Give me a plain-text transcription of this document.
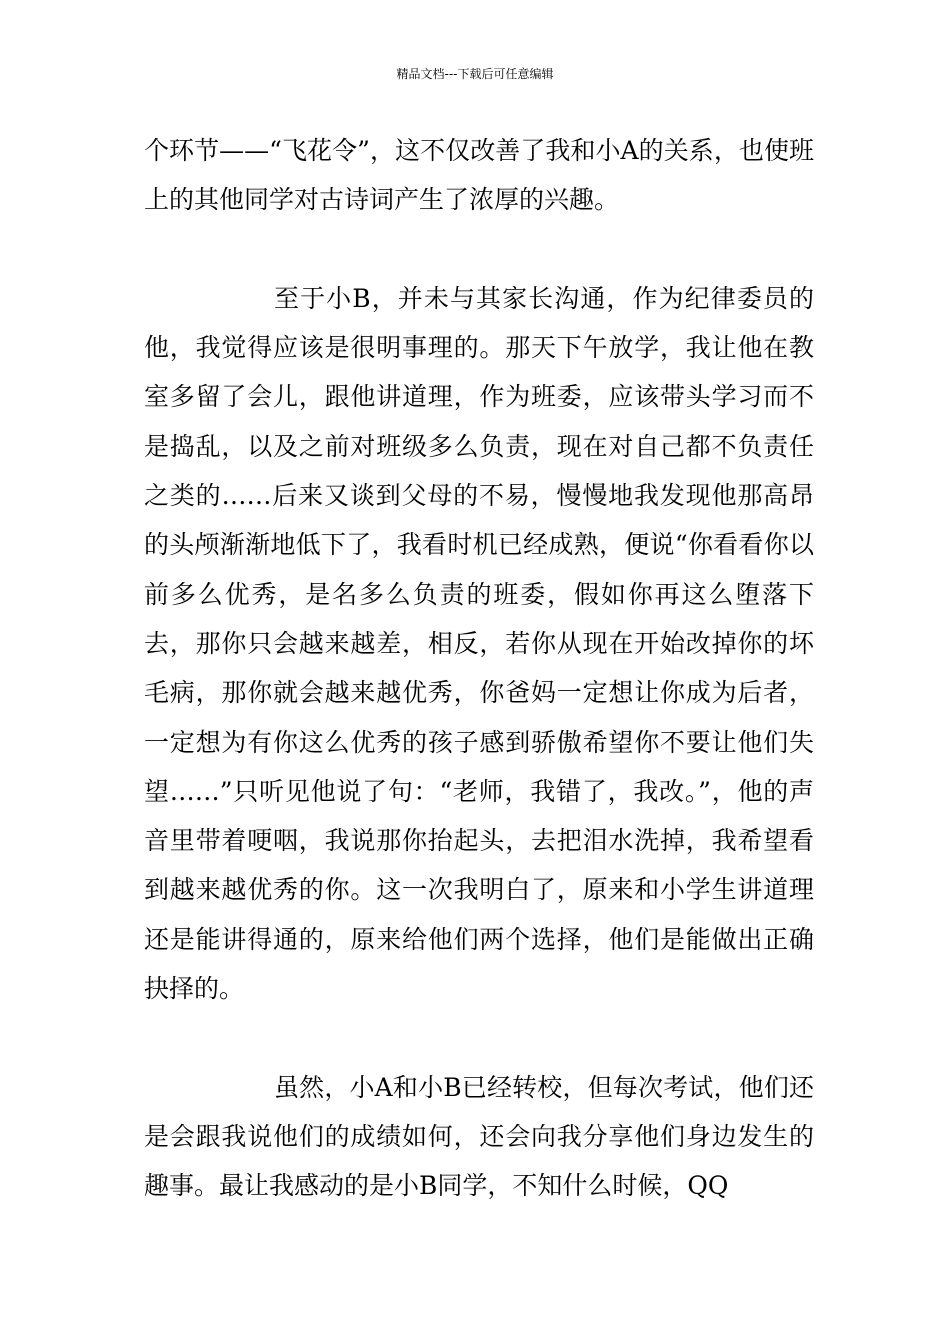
精品文档---下载后可任意编辑

个环节——“飞花令”，这不仅改善了我和小A的关系，也使班上的其他同学对古诗词产生了浓厚的兴趣。

至于小B，并未与其家长沟通，作为纪律委员的他，我觉得应该是很明事理的。那天下午放学，我让他在教室多留了会儿，跟他讲道理，作为班委，应该带头学习而不是捣乱，以及之前对班级多么负责，现在对自己都不负责任之类的……后来又谈到父母的不易，慢慢地我发现他那高昂的头颅渐渐地低下了，我看时机已经成熟，便说“你看看你以前多么优秀，是名多么负责的班委，假如你再这么堕落下去，那你只会越来越差，相反，若你从现在开始改掉你的坏毛病，那你就会越来越优秀，你爸妈一定想让你成为后者，一定想为有你这么优秀的孩子感到骄傲希望你不要让他们失望……”只听见他说了句：“老师，我错了，我改。”，他的声音里带着哽咽，我说那你抬起头，去把泪水洗掉，我希望看到越来越优秀的你。这一次我明白了，原来和小学生讲道理还是能讲得通的，原来给他们两个选择，他们是能做出正确抉择的。

虽然，小A和小B已经转校，但每次考试，他们还是会跟我说他们的成绩如何，还会向我分享他们身边发生的趣事。最让我感动的是小B同学，不知什么时候，QQ
